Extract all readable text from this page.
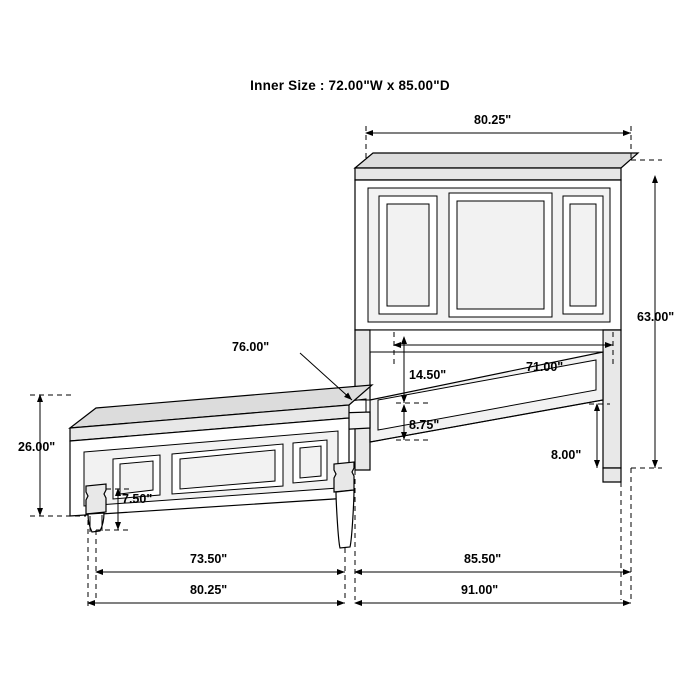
Inner Size : 72.00"W x 85.00"D
80.25"
63.00"
71.00"
14.50"
8.75"
8.00"
76.00"
26.00"
7.50"
73.50"	85.50"
80.25"	91.00"
